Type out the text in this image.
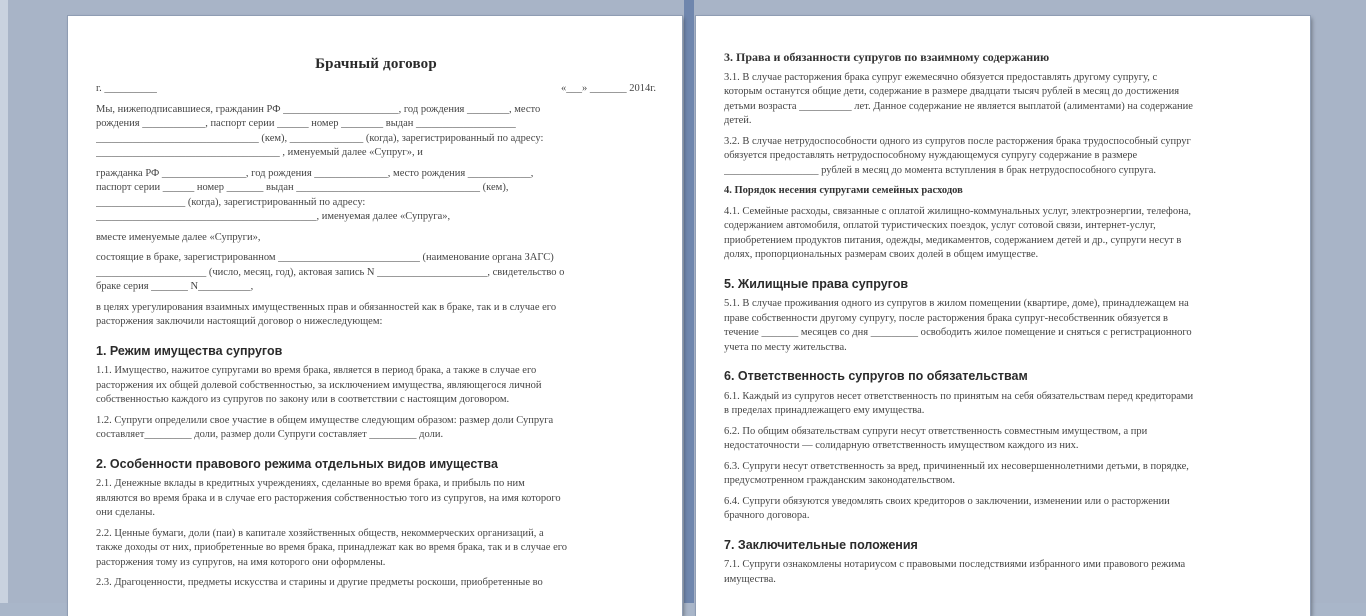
Брачный договор
г. __________	«___» _______ 2014г.
Мы, нижеподписавшиеся, гражданин РФ ______________________, год рождения ________, место
рождения ____________, паспорт серии ______ номер ________ выдан ___________________
_______________________________ (кем), ______________ (когда), зарегистрированный по адресу:
___________________________________ , именуемый далее «Супруг», и
гражданка РФ ________________, год рождения ______________, место рождения ____________,
паспорт серии ______ номер _______ выдан ___________________________________ (кем),
_________________ (когда), зарегистрированный по адресу:
__________________________________________, именуемая далее «Супруга»,
вместе именуемые далее «Супруги»,
состоящие в браке, зарегистрированном ___________________________ (наименование органа ЗАГС)
_____________________ (число, месяц, год), актовая запись N _____________________, свидетельство о
браке серия _______ N__________,
в целях урегулирования взаимных имущественных прав и обязанностей как в браке, так и в случае его
расторжения заключили настоящий договор о нижеследующем:
1. Режим имущества супругов
1.1. Имущество, нажитое супругами во время брака, является в период брака, а также в случае его
расторжения их общей долевой собственностью, за исключением имущества, являющегося личной
собственностью каждого из супругов по закону или в соответствии с настоящим договором.
1.2. Супруги определили свое участие в общем имуществе следующим образом: размер доли Супруга
составляет_________ доли, размер доли Супруги составляет _________ доли.
2. Особенности правового режима отдельных видов имущества
2.1. Денежные вклады в кредитных учреждениях, сделанные во время брака, и прибыль по ним
являются во время брака и в случае его расторжения собственностью того из супругов, на имя которого
они сделаны.
2.2. Ценные бумаги, доли (паи) в капитале хозяйственных обществ, некоммерческих организаций, а
также доходы от них, приобретенные во время брака, принадлежат как во время брака, так и в случае его
расторжения тому из супругов, на имя которого они оформлены.
2.3. Драгоценности, предметы искусства и старины и другие предметы роскоши, приобретенные во
3. Права и обязанности супругов по взаимному содержанию
3.1. В случае расторжения брака супруг ежемесячно обязуется предоставлять другому супругу, с
которым останутся общие дети, содержание в размере двадцати тысяч рублей в месяц до достижения
детьми возраста __________ лет. Данное содержание не является выплатой (алиментами) на содержание
детей.
3.2. В случае нетрудоспособности одного из супругов после расторжения брака трудоспособный супруг
обязуется предоставлять нетрудоспособному нуждающемуся супругу содержание в размере
__________________ рублей в месяц до момента вступления в брак нетрудоспособного супруга.
4. Порядок несения супругами семейных расходов
4.1. Семейные расходы, связанные с оплатой жилищно-коммунальных услуг, электроэнергии, телефона,
содержанием автомобиля, оплатой туристических поездок, услуг сотовой связи, интернет-услуг,
приобретением продуктов питания, одежды, медикаментов, содержанием детей и др., супруги несут в
долях, пропорциональных размерам своих долей в общем имуществе.
5. Жилищные права супругов
5.1. В случае проживания одного из супругов в жилом помещении (квартире, доме), принадлежащем на
праве собственности другому супругу, после расторжения брака супруг-несобственник обязуется в
течение _______ месяцев со дня _________ освободить жилое помещение и сняться с регистрационного
учета по месту жительства.
6. Ответственность супругов по обязательствам
6.1. Каждый из супругов несет ответственность по принятым на себя обязательствам перед кредиторами
в пределах принадлежащего ему имущества.
6.2. По общим обязательствам супруги несут ответственность совместным имуществом, а при
недостаточности — солидарную ответственность имуществом каждого из них.
6.3. Супруги несут ответственность за вред, причиненный их несовершеннолетними детьми, в порядке,
предусмотренном гражданским законодательством.
6.4. Супруги обязуются уведомлять своих кредиторов о заключении, изменении или о расторжении
брачного договора.
7. Заключительные положения
7.1. Супруги ознакомлены нотариусом с правовыми последствиями избранного ими правового режима
имущества.
